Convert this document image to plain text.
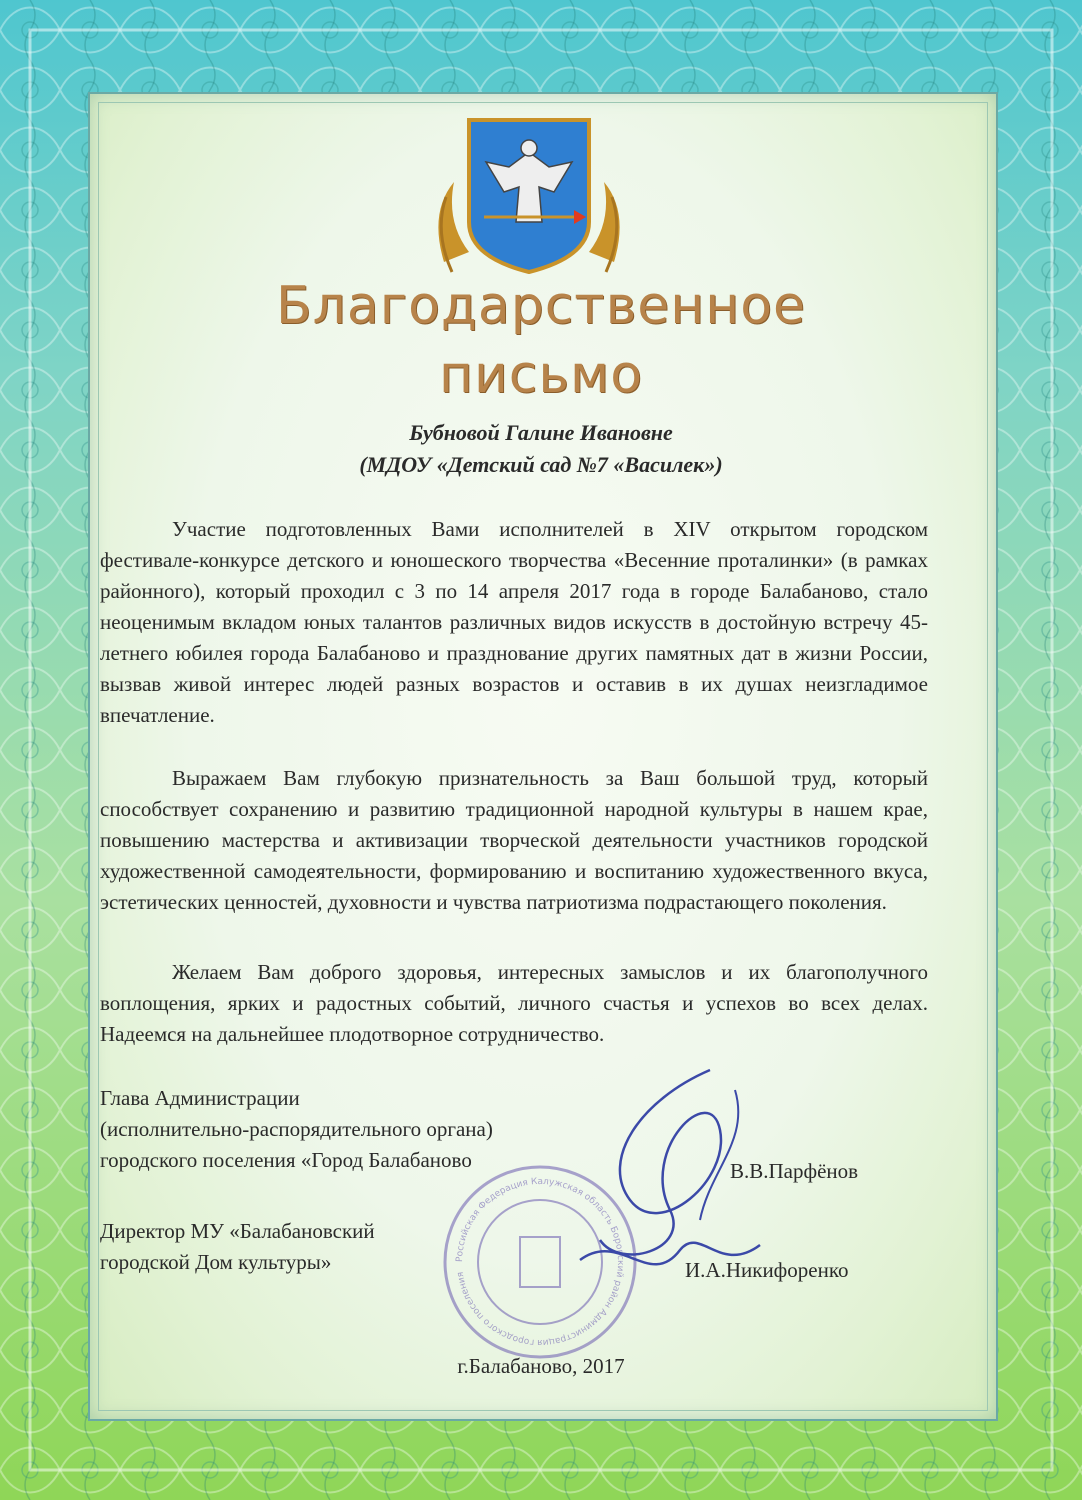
Благодарственное
письмо
Бубновой Галине Ивановне
(МДОУ «Детский сад №7 «Василек»)

Участие подготовленных Вами исполнителей в XIV открытом городском фестивале-конкурсе детского и юношеского творчества «Весенние проталинки» (в рамках районного), который проходил с 3 по 14 апреля 2017 года в городе Балабаново, стало неоценимым вкладом юных талантов различных видов искусств в достойную встречу 45-летнего юбилея города Балабаново и празднование других памятных дат в жизни России, вызвав живой интерес людей разных возрастов и оставив в их душах неизгладимое впечатление.

Выражаем Вам глубокую признательность за Ваш большой труд, который способствует сохранению и развитию традиционной народной культуры в нашем крае, повышению мастерства и активизации творческой деятельности участников городской художественной самодеятельности, формированию и воспитанию художественного вкуса, эстетических ценностей, духовности и чувства патриотизма подрастающего поколения.

Желаем Вам доброго здоровья, интересных замыслов и их благополучного воплощения, ярких и радостных событий, личного счастья и успехов во всех делах. Надеемся на дальнейшее плодотворное сотрудничество.

Российская Федерация Калужская область Боровский район Администрация городского поселения
Глава Администрации
(исполнительно-распорядительного органа)
городского поселения «Город Балабаново	В.В.Парфёнов
Директор МУ «Балабановский
городской Дом культуры»	И.А.Никифоренко
г.Балабаново, 2017
